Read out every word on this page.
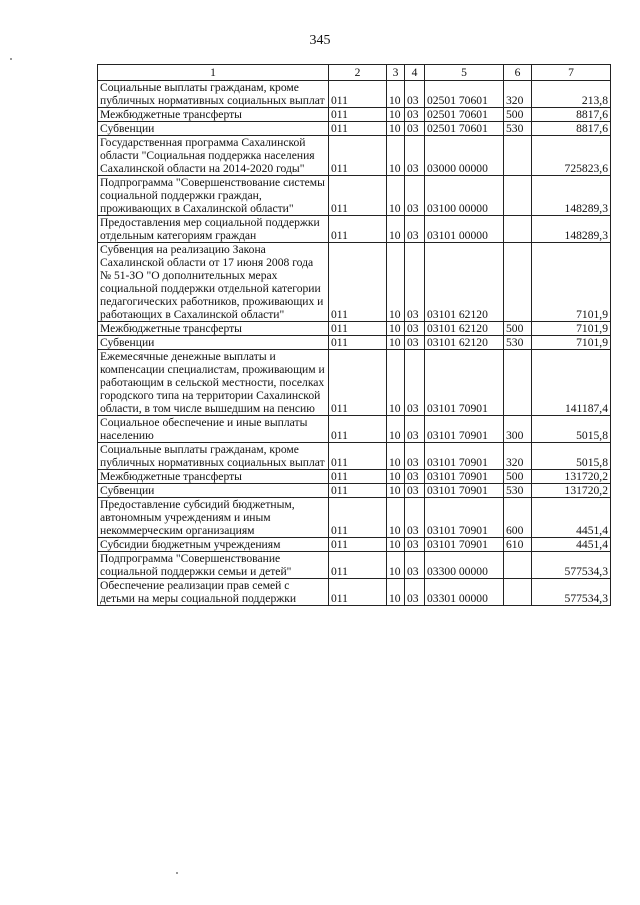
345
1	2	3	4	5	6	7
Социальные выплаты гражданам, кроме публичных нормативных социальных выплат	011	10	03	02501 70601	320	213,8
Межбюджетные трансферты	011	10	03	02501 70601	500	8817,6
Субвенции	011	10	03	02501 70601	530	8817,6
Государственная программа Сахалинской области "Социальная поддержка населения Сахалинской области на 2014-2020 годы"	011	10	03	03000 00000		725823,6
Подпрограмма "Совершенствование системы социальной поддержки граждан, проживающих в Сахалинской области"	011	10	03	03100 00000		148289,3
Предоставления мер социальной поддержки отдельным категориям граждан	011	10	03	03101 00000		148289,3
Субвенция на реализацию Закона Сахалинской области от 17 июня 2008 года № 51-ЗО "О дополнительных мерах социальной поддержки отдельной категории педагогических работников, проживающих и работающих в Сахалинской области"	011	10	03	03101 62120		7101,9
Межбюджетные трансферты	011	10	03	03101 62120	500	7101,9
Субвенции	011	10	03	03101 62120	530	7101,9
Ежемесячные денежные выплаты и компенсации специалистам, проживающим и работающим в сельской местности, поселках городского типа на территории Сахалинской области, в том числе вышедшим на пенсию	011	10	03	03101 70901		141187,4
Социальное обеспечение и иные выплаты населению	011	10	03	03101 70901	300	5015,8
Социальные выплаты гражданам, кроме публичных нормативных социальных выплат	011	10	03	03101 70901	320	5015,8
Межбюджетные трансферты	011	10	03	03101 70901	500	131720,2
Субвенции	011	10	03	03101 70901	530	131720,2
Предоставление субсидий бюджетным, автономным учреждениям и иным некоммерческим организациям	011	10	03	03101 70901	600	4451,4
Субсидии бюджетным учреждениям	011	10	03	03101 70901	610	4451,4
Подпрограмма "Совершенствование социальной поддержки семьи и детей"	011	10	03	03300 00000		577534,3
Обеспечение реализации прав семей с детьми на меры социальной поддержки	011	10	03	03301 00000		577534,3
